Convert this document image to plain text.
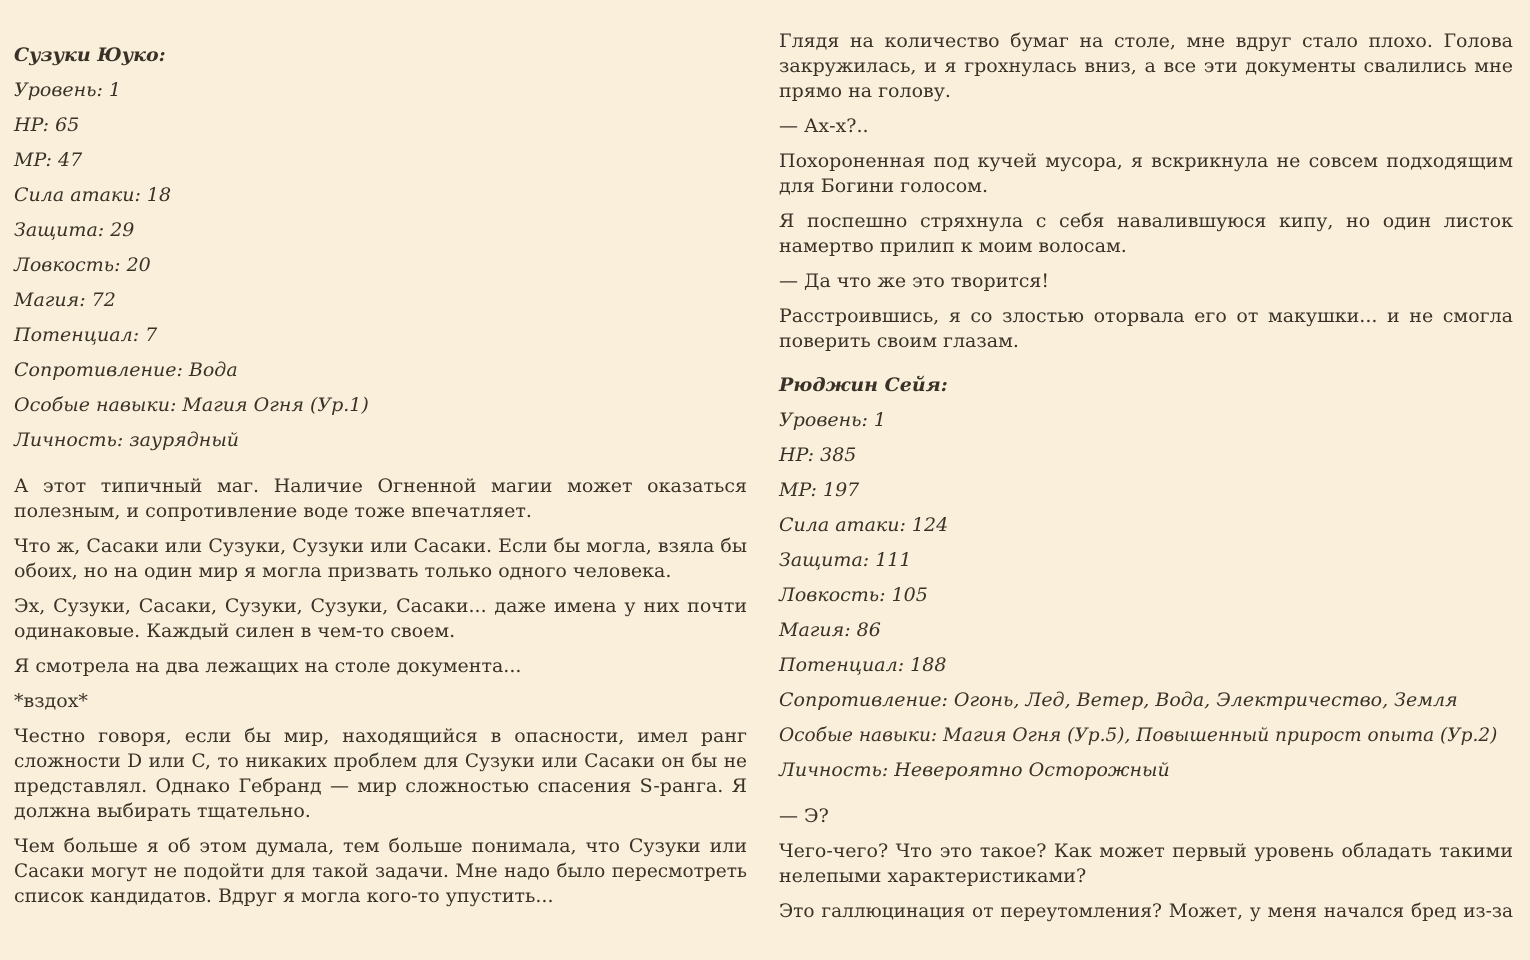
Сузуки Юуко:
Уровень: 1
HP: 65
MP: 47
Сила атаки: 18
Защита: 29
Ловкость: 20
Магия: 72
Потенциал: 7
Сопротивление: Вода
Особые навыки: Магия Огня (Ур.1)
Личность: заурядный
А этот типичный маг. Наличие Огненной магии может оказаться
полезным, и сопротивление воде тоже впечатляет.
Что ж, Сасаки или Сузуки, Сузуки или Сасаки. Если бы могла, взяла бы
обоих, но на один мир я могла призвать только одного человека.
Эх, Сузуки, Сасаки, Сузуки, Сузуки, Сасаки... даже имена у них почти
одинаковые. Каждый силен в чем-то своем.
Я смотрела на два лежащих на столе документа...
*вздох*
Честно говоря, если бы мир, находящийся в опасности, имел ранг
сложности D или C, то никаких проблем для Сузуки или Сасаки он бы не
представлял. Однако Гебранд — мир сложностью спасения S-ранга. Я
должна выбирать тщательно.
Чем больше я об этом думала, тем больше понимала, что Сузуки или
Сасаки могут не подойти для такой задачи. Мне надо было пересмотреть
список кандидатов. Вдруг я могла кого-то упустить...
Глядя на количество бумаг на столе, мне вдруг стало плохо. Голова
закружилась, и я грохнулась вниз, а все эти документы свалились мне
прямо на голову.
— Ах-х?..
Похороненная под кучей мусора, я вскрикнула не совсем подходящим
для Богини голосом.
Я поспешно стряхнула с себя навалившуюся кипу, но один листок
намертво прилип к моим волосам.
— Да что же это творится!
Расстроившись, я со злостью оторвала его от макушки... и не смогла
поверить своим глазам.
Рюджин Сейя:
Уровень: 1
HP: 385
MP: 197
Сила атаки: 124
Защита: 111
Ловкость: 105
Магия: 86
Потенциал: 188
Сопротивление: Огонь, Лед, Ветер, Вода, Электричество, Земля
Особые навыки: Магия Огня (Ур.5), Повышенный прирост опыта (Ур.2)
Личность: Невероятно Осторожный
— Э?
Чего-чего? Что это такое? Как может первый уровень обладать такими
нелепыми характеристиками?
Это галлюцинация от переутомления? Может, у меня начался бред из-за
